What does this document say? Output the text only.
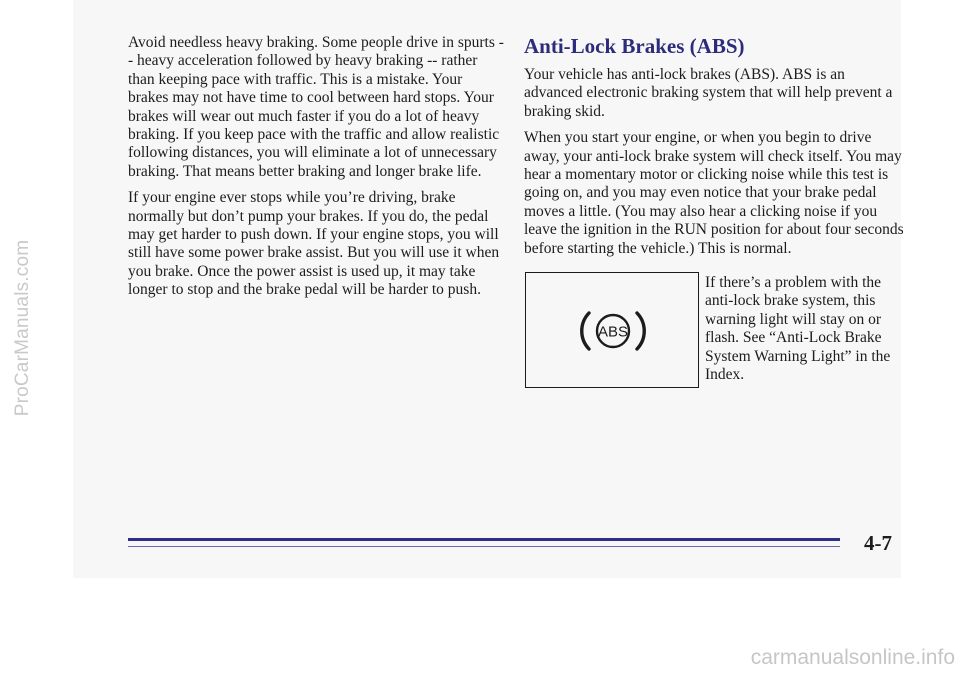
ProCarManuals.com

Avoid needless heavy braking. Some people drive in spurts -- heavy acceleration followed by heavy braking -- rather than keeping pace with traffic. This is a mistake. Your brakes may not have time to cool between hard stops. Your brakes will wear out much faster if you do a lot of heavy braking. If you keep pace with the traffic and allow realistic following distances, you will eliminate a lot of unnecessary braking. That means better braking and longer brake life.

If your engine ever stops while you’re driving, brake normally but don’t pump your brakes. If you do, the pedal may get harder to push down. If your engine stops, you will still have some power brake assist. But you will use it when you brake. Once the power assist is used up, it may take longer to stop and the brake pedal will be harder to push.

Anti-Lock Brakes (ABS)

Your vehicle has anti-lock brakes (ABS). ABS is an advanced electronic braking system that will help prevent a braking skid.

When you start your engine, or when you begin to drive away, your anti-lock brake system will check itself. You may hear a momentary motor or clicking noise while this test is going on, and you may even notice that your brake pedal moves a little. (You may also hear a clicking noise if you leave the ignition in the RUN position for about four seconds before starting the vehicle.) This is normal.

ABS

If there’s a problem with the anti-lock brake system, this warning light will stay on or flash. See “Anti-Lock Brake System Warning Light” in the Index.

4-7
carmanualsonline.info
